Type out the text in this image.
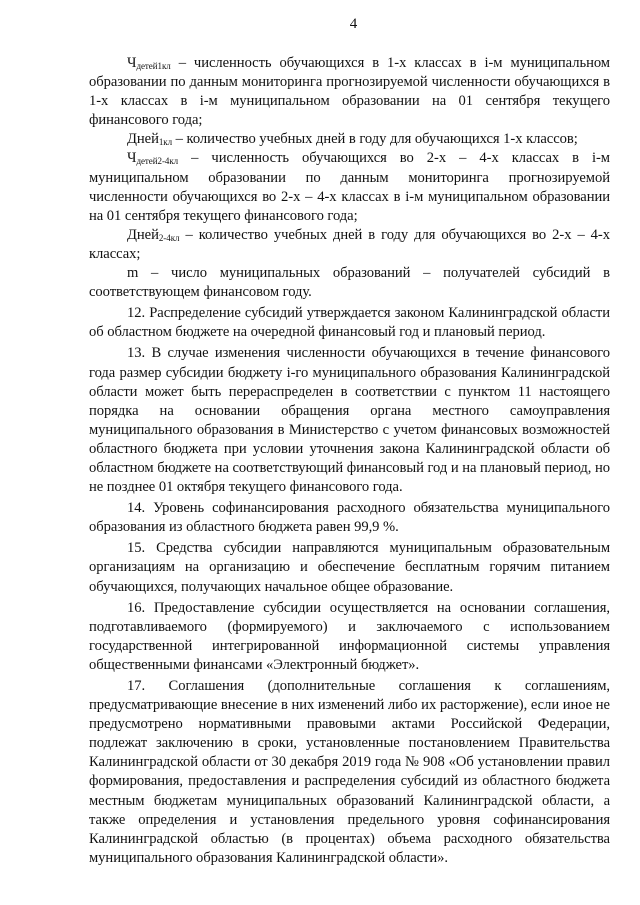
4

$Ч_{детей1кл}$ – численность обучающихся в 1-х классах в i-м муниципальном образовании по данным мониторинга прогнозируемой численности обучающихся в 1-х классах в i-м муниципальном образовании на 01 сентября текущего финансового года;

Дней$_{1кл}$ – количество учебных дней в году для обучающихся 1-х классов;

$Ч_{детей2-4кл}$ – численность обучающихся во 2-х – 4-х классах в i-м муниципальном образовании по данным мониторинга прогнозируемой численности обучающихся во 2-х – 4-х классах в i-м муниципальном образовании на 01 сентября текущего финансового года;

Дней$_{2-4кл}$ – количество учебных дней в году для обучающихся во 2-х – 4-х классах;

m – число муниципальных образований – получателей субсидий в соответствующем финансовом году.

12. Распределение субсидий утверждается законом Калининградской области об областном бюджете на очередной финансовый год и плановый период.

13. В случае изменения численности обучающихся в течение финансового года размер субсидии бюджету i-го муниципального образования Калининградской области может быть перераспределен в соответствии с пунктом 11 настоящего порядка на основании обращения органа местного самоуправления муниципального образования в Министерство с учетом финансовых возможностей областного бюджета при условии уточнения закона Калининградской области об областном бюджете на соответствующий финансовый год и на плановый период, но не позднее 01 октября текущего финансового года.

14. Уровень софинансирования расходного обязательства муниципального образования из областного бюджета равен 99,9 %.

15. Средства субсидии направляются муниципальным образовательным организациям на организацию и обеспечение бесплатным горячим питанием обучающихся, получающих начальное общее образование.

16. Предоставление субсидии осуществляется на основании соглашения, подготавливаемого (формируемого) и заключаемого с использованием государственной интегрированной информационной системы управления общественными финансами «Электронный бюджет».

17. Соглашения (дополнительные соглашения к соглашениям, предусматривающие внесение в них изменений либо их расторжение), если иное не предусмотрено нормативными правовыми актами Российской Федерации, подлежат заключению в сроки, установленные постановлением Правительства Калининградской области от 30 декабря 2019 года № 908 «Об установлении правил формирования, предоставления и распределения субсидий из областного бюджета местным бюджетам муниципальных образований Калининградской области, а также определения и установления предельного уровня софинансирования Калининградской областью (в процентах) объема расходного обязательства муниципального образования Калининградской области».
